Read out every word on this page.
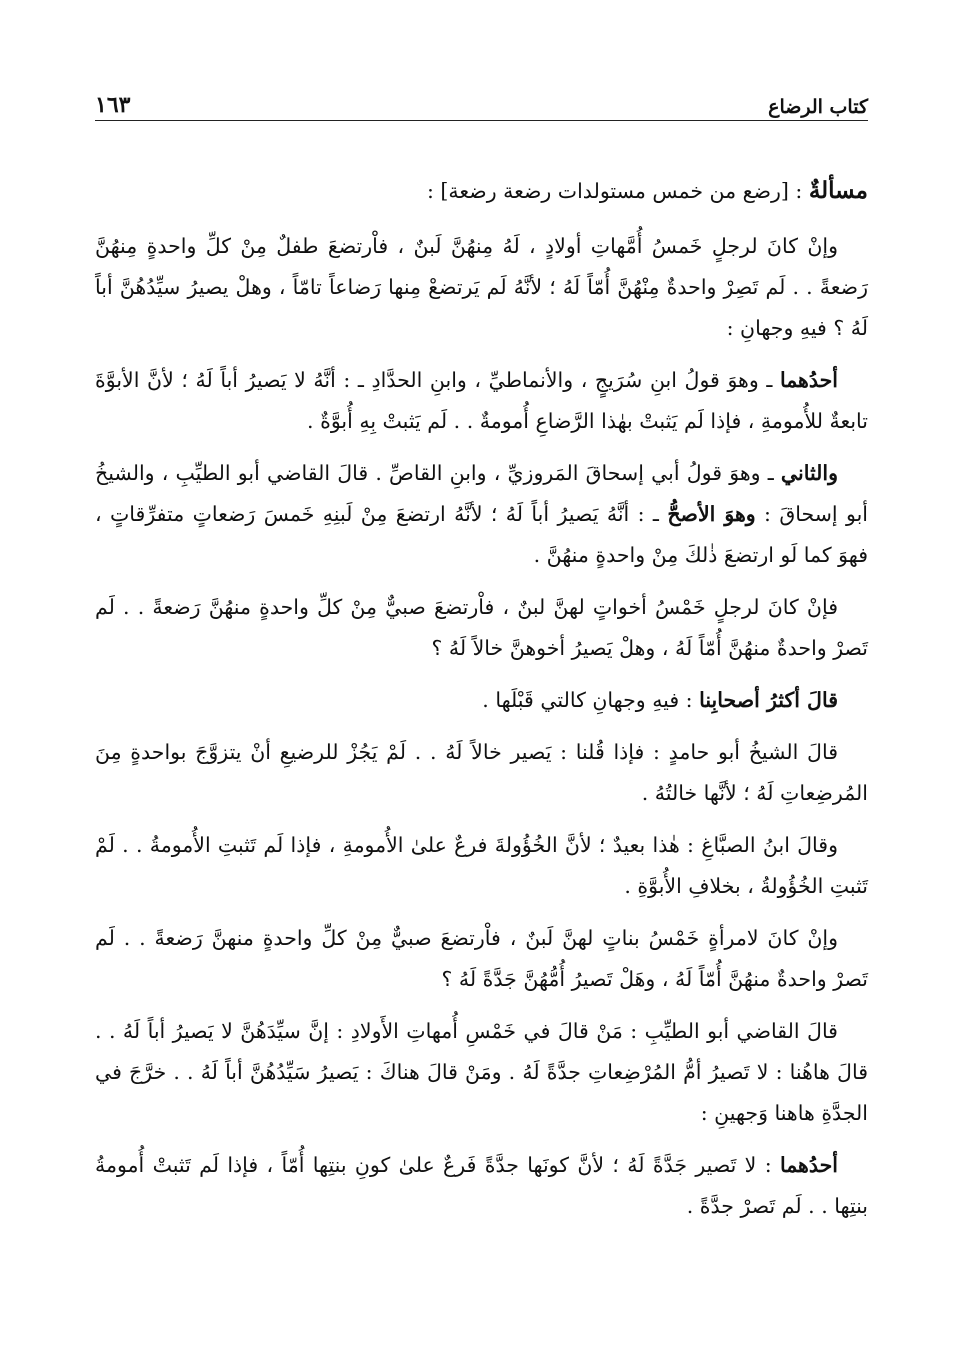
كتاب الرضاع
١٦٣

مسألةٌ : [رضع من خمس مستولدات رضعة رضعة] :

وإنْ كانَ لرجلٍ خَمسُ أُمَّهاتِ أولادٍ ، لَهُ مِنهُنَّ لَبنٌ ، فاْرتضعَ طفلٌ مِنْ كلِّ واحدةٍ مِنهُنَّ رَضعةً . . لَم تَصِرْ واحدةٌ مِنْهُنَّ أُمّاً لَهُ ؛ لأنَّهُ لَم يَرتضعْ مِنها رَضاعاً تامّاً ، وهلْ يصيرُ سيِّدُهُنَّ أباً لَهُ ؟ فيهِ وجهانِ :

أحدُهما ـ وهوَ قولُ ابنِ سُرَيجٍ ، والأنماطيِّ ، وابنِ الحدَّادِ ـ : أنَّهُ لا يَصيرُ أباً لَهُ ؛ لأنَّ الأبوَّةَ تابعةٌ للأُمومةِ ، فإذا لَم يَثبتْ بهٰذا الرَّضاعِ أُمومةٌ . . لَم يَثبتْ بِهِ أُبوَّةٌ .

والثاني ـ وهوَ قولُ أبي إسحاقَ المَروزيِّ ، وابنِ القاصِّ . قالَ القاضي أبو الطيِّبِ ، والشيخُ أبو إسحاقَ : وهوَ الأصحُّ ـ : أنَّهُ يَصيرُ أباً لَهُ ؛ لأنَّهُ ارتضعَ مِنْ لَبنِهِ خَمسَ رَضعاتٍ متفرِّقاتٍ ، فهوَ كما لَو ارتضعَ ذٰلكَ مِنْ واحدةٍ منهُنَّ .

فإنْ كانَ لرجلٍ خَمْسُ أخواتٍ لهنَّ لبنٌ ، فاْرتضعَ صبيٌّ مِنْ كلِّ واحدةٍ منهُنَّ رَضعةً . . لَم تَصرْ واحدةٌ منهُنَّ أُمّاً لَهُ ، وهلْ يَصيرُ أخوهنَّ خالاً لَهُ ؟

قالَ أكثرُ أصحابِنا : فيهِ وجهانِ كالتي قَبْلَها .

قالَ الشيخُ أبو حامدٍ : فإذا قُلنا : يَصير خالاً لَهُ . . لَمْ يَجُزْ للرضيعِ أنْ يتزوَّجَ بواحدةٍ مِنَ المُرضِعاتِ لَهُ ؛ لأنَّها خالتُهُ .

وقالَ ابنُ الصبَّاغِ : هٰذا بعيدٌ ؛ لأنَّ الخُؤُولةَ فرعٌ علىٰ الأُمومةِ ، فإذا لَم تَثبتِ الأُمومةُ . . لَمْ تَثبتِ الخُؤُولةُ ، بخلافِ الأُبوَّةِ .

وإنْ كانَ لامرأةٍ خَمْسُ بناتٍ لهنَّ لَبنٌ ، فاْرتضعَ صبيٌّ مِنْ كلِّ واحدةٍ منهنَّ رَضعةً . . لَم تَصرْ واحدةٌ منهُنَّ أُمّاً لَهُ ، وهَلْ تَصيرُ أُمُّهُنَّ جَدَّةً لَهُ ؟

قالَ القاضي أبو الطيِّبِ : مَنْ قالَ في خَمْسِ أُمهاتِ الأَولادِ : إنَّ سيِّدَهُنَّ لا يَصيرُ أباً لَهُ . . قالَ هاهُنا : لا تَصيرُ أمُّ المُرْضِعاتِ جدَّةً لَهُ . ومَنْ قالَ هناكَ : يَصيرُ سَيِّدُهُنَّ أباً لَهُ . . خرَّجَ في الجدَّةِ هاهنا وَجهينِ :

أحدُهما : لا تَصير جَدَّةً لَهُ ؛ لأنَّ كونَها جدَّةً فَرعٌ علىٰ كونِ بنتِها أُمّاً ، فإذا لَم تَثبتْ أُمومةُ بنتِها . . لَم تَصرْ جدَّةً .
